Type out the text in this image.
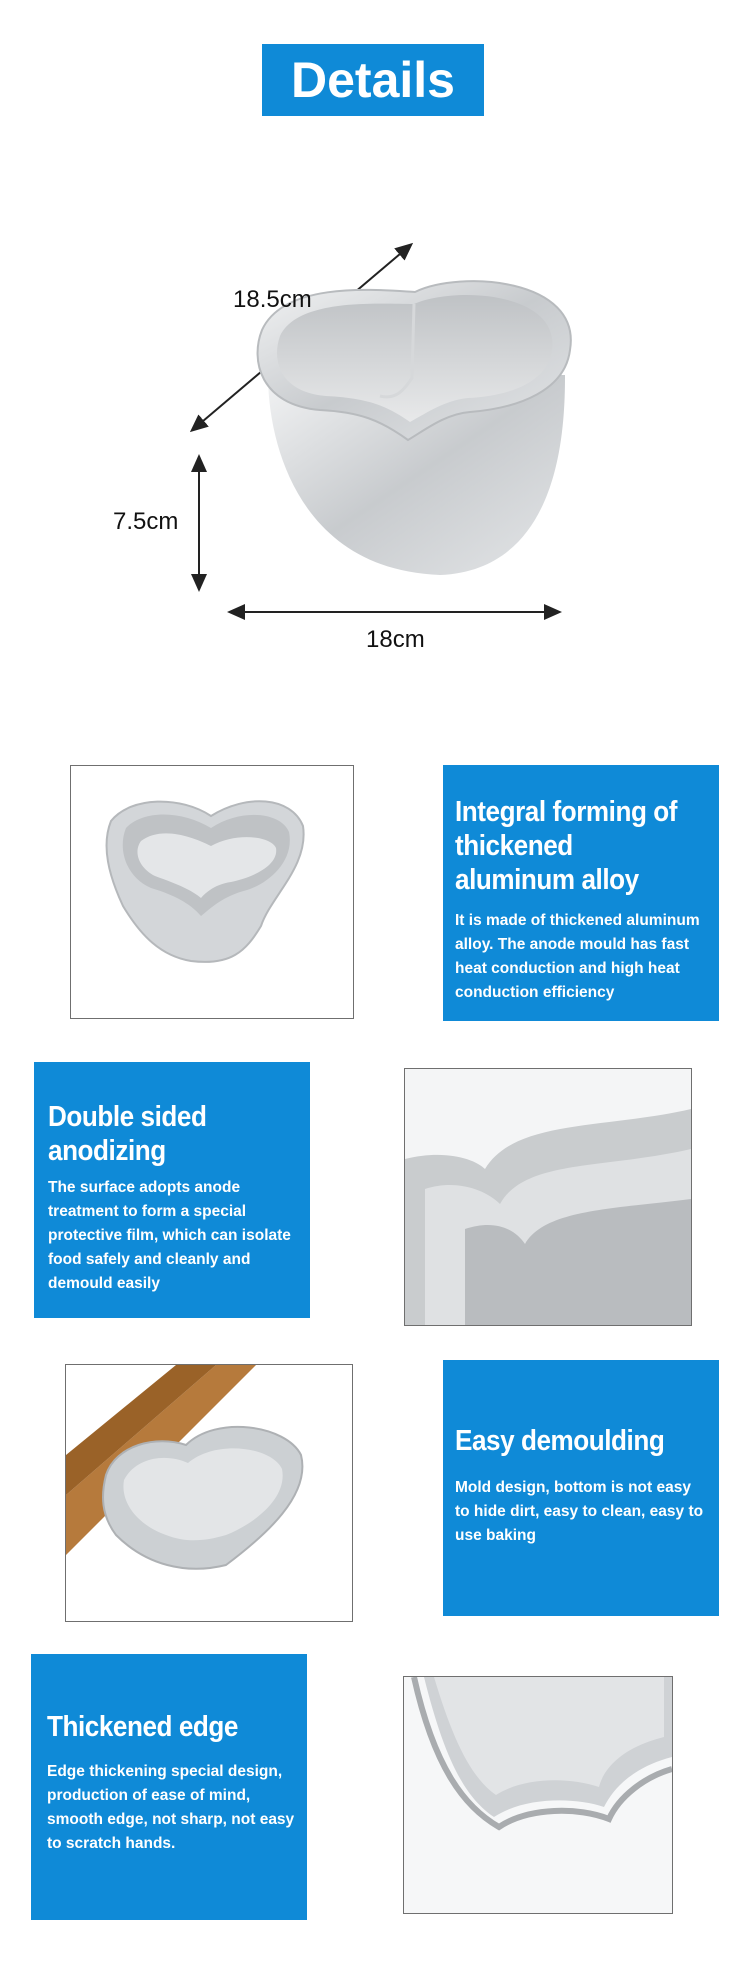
Details
18.5cm
7.5cm
18cm
Integral forming of thickened aluminum alloy

It is made of thickened aluminum alloy. The anode mould has fast heat conduction and high heat conduction efficiency

Double sided anodizing

The surface adopts anode treatment to form a special protective film, which can isolate food safely and cleanly and demould easily

Easy demoulding

Mold design, bottom is not easy to hide dirt, easy to clean, easy to use baking

Thickened edge

Edge thickening special design, production of ease of mind, smooth edge, not sharp, not easy to scratch hands.
